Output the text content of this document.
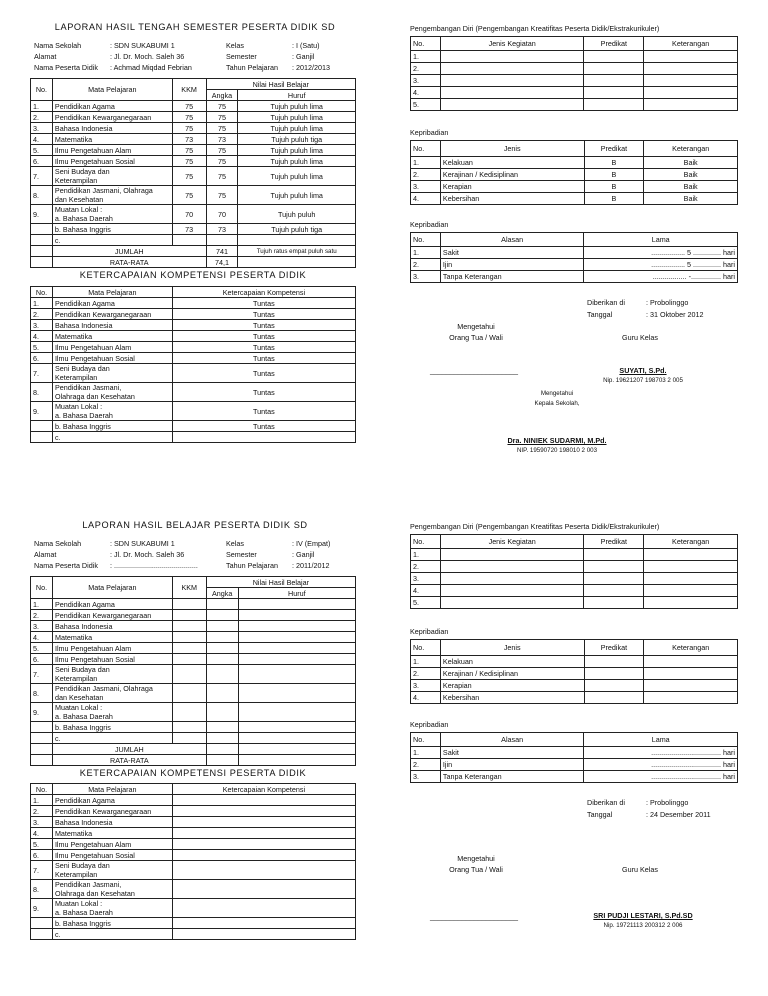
LAPORAN HASIL TENGAH SEMESTER PESERTA DIDIK SD
Nama Sekolah	: SDN SUKABUMI 1	Kelas	: I (Satu)
Alamat	: Jl. Dr. Moch. Saleh 36	Semester	: Ganjil
Nama Peserta Didik : Achmad Miqdad Febrian	Tahun Pelajaran : 2012/2013
No.	Mata Pelajaran	KKM	Nilai Hasil Belajar	
			Angka	Huruf
1.	Pendidikan Agama	75	75	Tujuh puluh lima
2.	Pendidikan Kewarganegaraan	75	75	Tujuh puluh lima
3.	Bahasa Indonesia	75	75	Tujuh puluh lima
4.	Matematika	73	73	Tujuh puluh tiga
5.	Ilmu Pengetahuan Alam	75	75	Tujuh puluh lima
6.	Ilmu Pengetahuan Sosial	75	75	Tujuh puluh lima
7.	Seni Budaya dan
Keterampilan	75	75	Tujuh puluh lima
8.	Pendidikan Jasmani, Olahraga
dan Kesehatan	75	75	Tujuh puluh lima
9.	Muatan Lokal :
a. Bahasa Daerah	70	70	Tujuh puluh

	b. Bahasa Inggris	73	73	Tujuh puluh tiga

	c.			

	JUMLAH		741	Tujuh ratus empat puluh satu
	RATA-RATA		74,1	
KETERCAPAIAN KOMPETENSI PESERTA DIDIK
No.	Mata Pelajaran	Ketercapaian Kompetensi
1.	Pendidikan Agama	Tuntas
2.	Pendidikan Kewarganegaraan	Tuntas
3.	Bahasa Indonesia	Tuntas
4.	Matematika	Tuntas
5.	Ilmu Pengetahuan Alam	Tuntas
6.	Ilmu Pengetahuan Sosial	Tuntas
7.	Seni Budaya dan
Keterampilan	Tuntas
8.	Pendidikan Jasmani,
Olahraga dan Kesehatan	Tuntas
9.	Muatan Lokal :
a. Bahasa Daerah	Tuntas

	b. Bahasa Inggris	Tuntas

	c.	

Pengembangan Diri (Pengembangan Kreatifitas Peserta Didik/Ekstrakurikuler)
No.	Jenis Kegiatan	Predikat	Keterangan
1.			
2.			
3.			
4.			
5.			
Kepribadian
No.	Jenis	Predikat	Keterangan
1.	Kelakuan	B	Baik
2.	Kerajinan / Kedisiplinan	B	Baik
3.	Kerapian	B	Baik
4.	Kebersihan	B	Baik
Kepribadian
No.	Alasan	Lama
1.	Sakit	................. 5 .............. hari
2.	Ijin	................. 5 .............. hari
3.	Tanpa Keterangan	................. -............... hari
Diberikan di	: Probolinggo
Tanggal	: 31 Oktober 2012
Mengetahui
Orang Tua / Wali	Guru Kelas
______________________	SUYATI, S.Pd.
Nip. 19621207 198703 2 005
Mengetahui
Kepala Sekolah,
Dra. NINIEK SUDARMI, M.Pd.
NIP. 19590720 198010 2 003
LAPORAN HASIL BELAJAR PESERTA DIDIK SD
Nama Sekolah	: SDN SUKABUMI 1	Kelas	: IV (Empat)
Alamat	: Jl. Dr. Moch. Saleh 36	Semester	: Ganjil
Nama Peserta Didik : ..........................................	Tahun Pelajaran : 2011/2012
No.	Mata Pelajaran	KKM	Nilai Hasil Belajar	
			Angka	Huruf
1.	Pendidikan Agama			

2.	Pendidikan Kewarganegaraan			

3.	Bahasa Indonesia			

4.	Matematika			

5.	Ilmu Pengetahuan Alam			

6.	Ilmu Pengetahuan Sosial			

7.	Seni Budaya dan
Keterampilan			

8.	Pendidikan Jasmani, Olahraga
dan Kesehatan			

9.	Muatan Lokal :
a. Bahasa Daerah			

	b. Bahasa Inggris			

	c.			

	JUMLAH			
	RATA-RATA			
KETERCAPAIAN KOMPETENSI PESERTA DIDIK
No.	Mata Pelajaran	Ketercapaian Kompetensi
1.	Pendidikan Agama	

2.	Pendidikan Kewarganegaraan	

3.	Bahasa Indonesia	

4.	Matematika	

5.	Ilmu Pengetahuan Alam	

6.	Ilmu Pengetahuan Sosial	

7.	Seni Budaya dan
Keterampilan	

8.	Pendidikan Jasmani,
Olahraga dan Kesehatan	

9.	Muatan Lokal :
a. Bahasa Daerah	

	b. Bahasa Inggris	

	c.	

Pengembangan Diri (Pengembangan Kreatifitas Peserta Didik/Ekstrakurikuler)
No.	Jenis Kegiatan	Predikat	Keterangan
1.			
2.			
3.			
4.			
5.			
Kepribadian
No.	Jenis	Predikat	Keterangan
1.	Kelakuan		
2.	Kerajinan / Kedisiplinan		
3.	Kerapian		
4.	Kebersihan		
Kepribadian
No.	Alasan	Lama
1.	Sakit	................................... hari
2.	Ijin	................................... hari
3.	Tanpa Keterangan	................................... hari
Diberikan di	: Probolinggo
Tanggal	: 24 Desember 2011
Mengetahui
Orang Tua / Wali	Guru Kelas
______________________	SRI PUDJI LESTARI, S.Pd.SD
Nip. 19721113 200312 2 006
